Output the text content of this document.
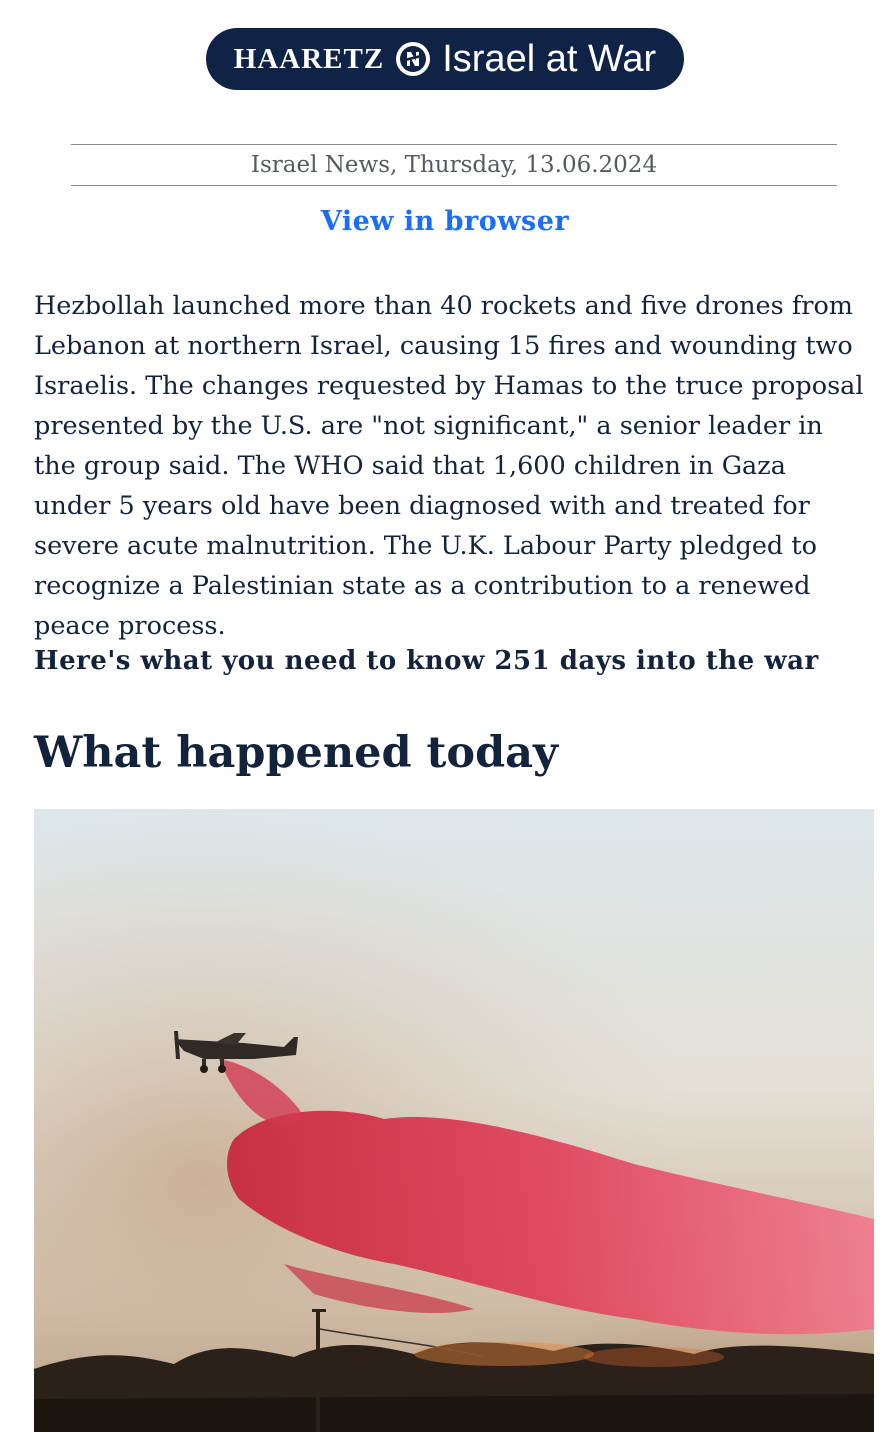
HAARETZ Israel at War
Israel News, Thursday, 13.06.2024
View in browser

Hezbollah launched more than 40 rockets and five drones from Lebanon at northern Israel, causing 15 fires and wounding two Israelis. The changes requested by Hamas to the truce proposal presented by the U.S. are "not significant," a senior leader in the group said. The WHO said that 1,600 children in Gaza under 5 years old have been diagnosed with and treated for severe acute malnutrition. The U.K. Labour Party pledged to recognize a Palestinian state as a contribution to a renewed peace process.

Here's what you need to know 251 days into the war

What happened today
